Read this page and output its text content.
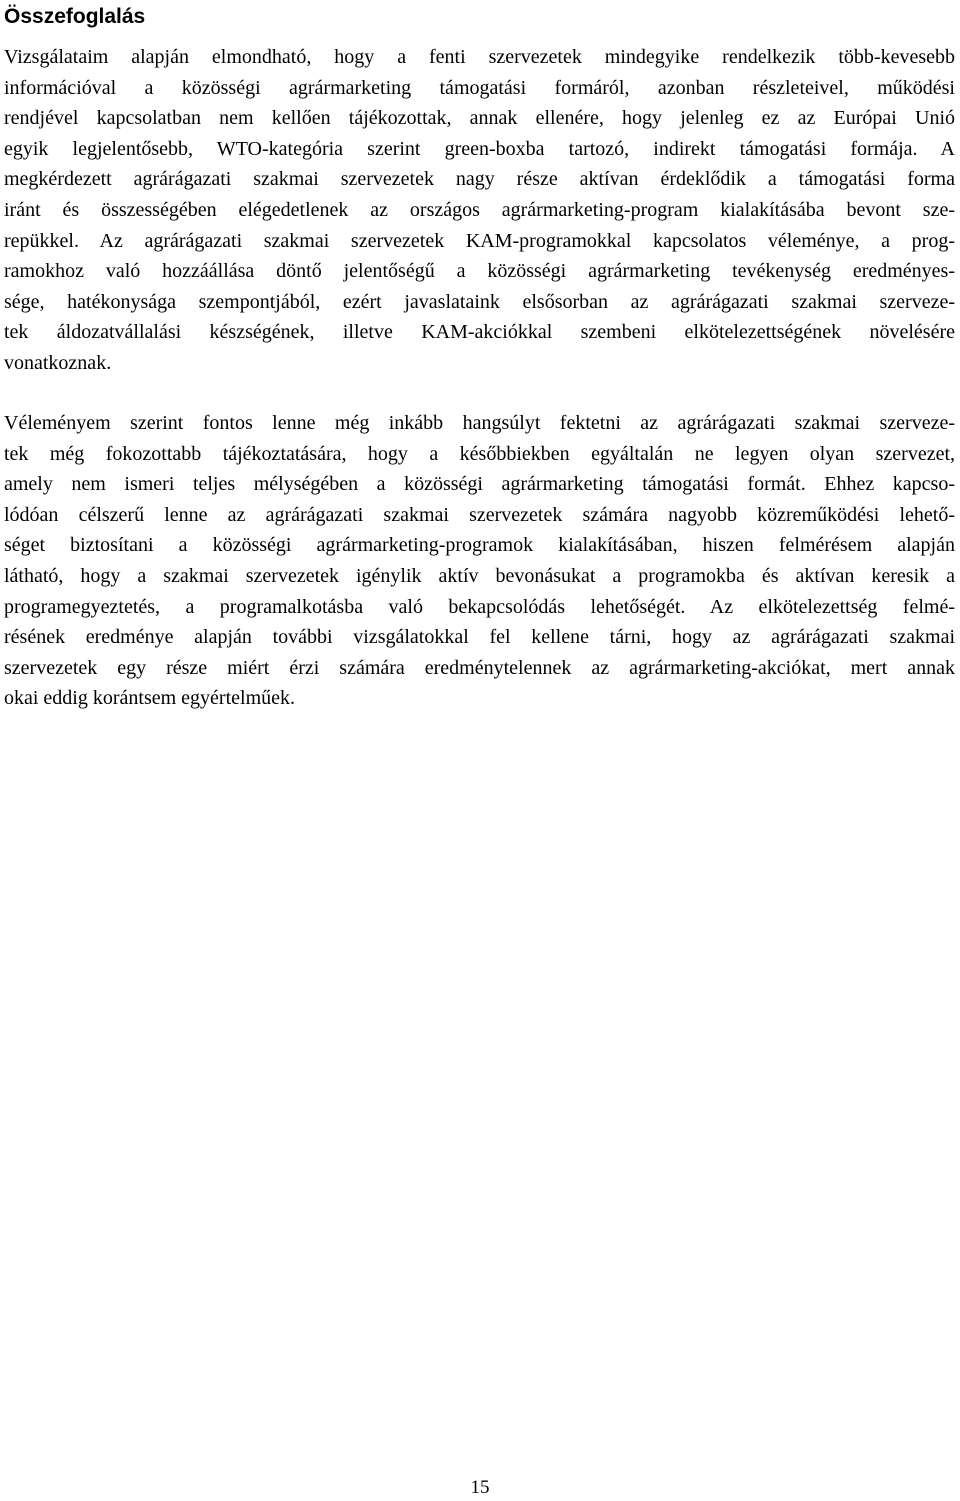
Összefoglalás
Vizsgálataim alapján elmondható, hogy a fenti szervezetek mindegyike rendelkezik több-kevesebb
információval a közösségi agrármarketing támogatási formáról, azonban részleteivel, működési
rendjével kapcsolatban nem kellően tájékozottak, annak ellenére, hogy jelenleg ez az Európai Unió
egyik legjelentősebb, WTO-kategória szerint green-boxba tartozó, indirekt támogatási formája. A
megkérdezett agrárágazati szakmai szervezetek nagy része aktívan érdeklődik a támogatási forma
iránt és összességében elégedetlenek az országos agrármarketing-program kialakításába bevont sze-
repükkel. Az agrárágazati szakmai szervezetek KAM-programokkal kapcsolatos véleménye, a prog-
ramokhoz való hozzáállása döntő jelentőségű a közösségi agrármarketing tevékenység eredményes-
sége, hatékonysága szempontjából, ezért javaslataink elsősorban az agrárágazati szakmai szerveze-
tek áldozatvállalási készségének, illetve KAM-akciókkal szembeni elkötelezettségének növelésére
vonatkoznak.
Véleményem szerint fontos lenne még inkább hangsúlyt fektetni az agrárágazati szakmai szerveze-
tek még fokozottabb tájékoztatására, hogy a későbbiekben egyáltalán ne legyen olyan szervezet,
amely nem ismeri teljes mélységében a közösségi agrármarketing támogatási formát. Ehhez kapcso-
lódóan célszerű lenne az agrárágazati szakmai szervezetek számára nagyobb közreműködési lehető-
séget biztosítani a közösségi agrármarketing-programok kialakításában, hiszen felmérésem alapján
látható, hogy a szakmai szervezetek igénylik aktív bevonásukat a programokba és aktívan keresik a
programegyeztetés, a programalkotásba való bekapcsolódás lehetőségét. Az elkötelezettség felmé-
résének eredménye alapján további vizsgálatokkal fel kellene tárni, hogy az agrárágazati szakmai
szervezetek egy része miért érzi számára eredménytelennek az agrármarketing-akciókat, mert annak
okai eddig korántsem egyértelműek.
15
